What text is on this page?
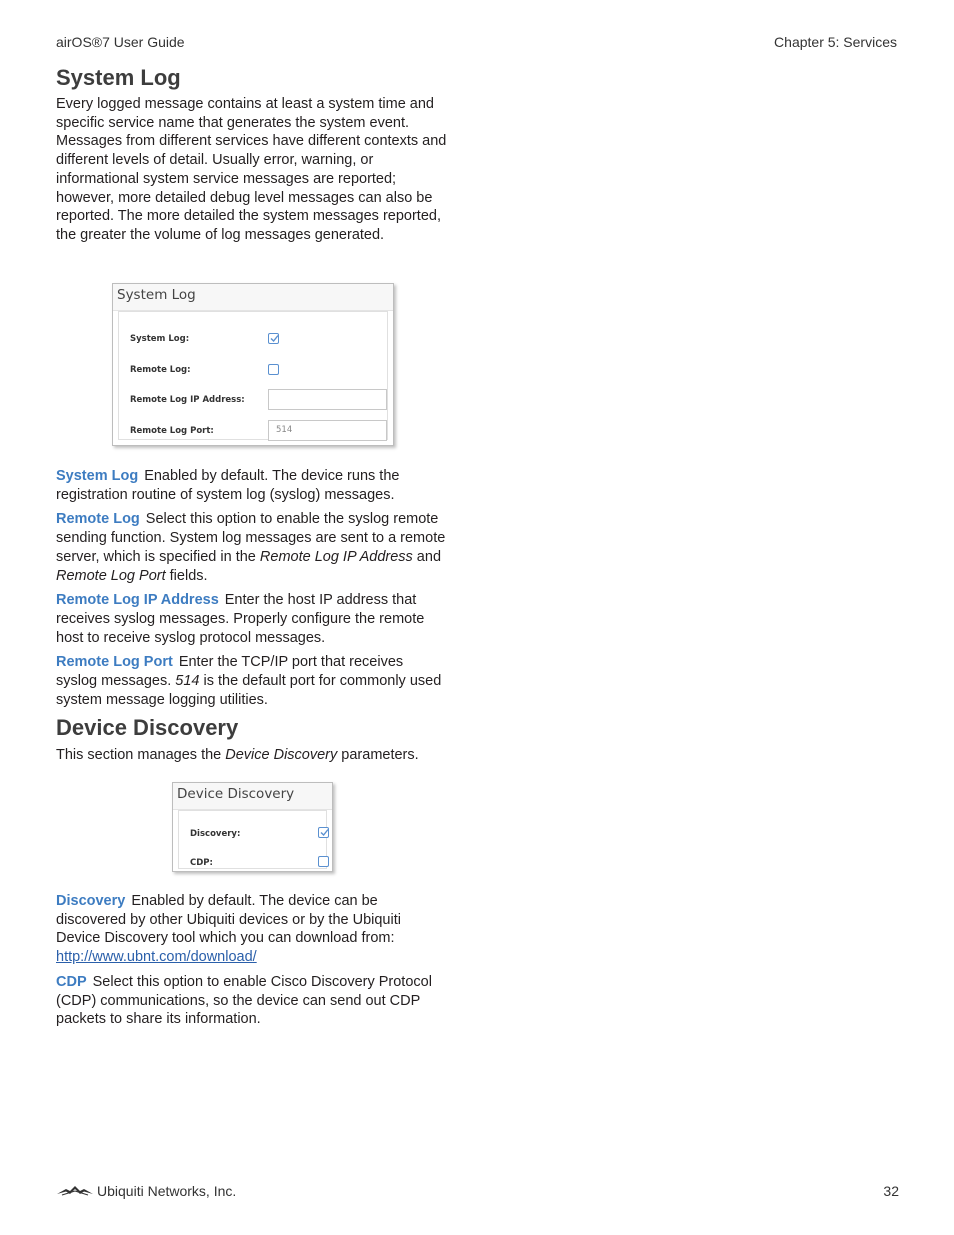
airOS®7 User Guide	Chapter 5: Services
System Log

Every logged message contains at least a system time and specific service name that generates the system event. Messages from different services have different contexts and different levels of detail. Usually error, warning, or informational system service messages are reported; however, more detailed debug level messages can also be reported. The more detailed the system messages reported, the greater the volume of log messages generated.

System Log
System Log:
Remote Log:
Remote Log IP Address:
Remote Log Port:	514

System Log Enabled by default. The device runs the registration routine of system log (syslog) messages.

Remote Log Select this option to enable the syslog remote sending function. System log messages are sent to a remote server, which is specified in the Remote Log IP Address and Remote Log Port fields.

Remote Log IP Address Enter the host IP address that receives syslog messages. Properly configure the remote host to receive syslog protocol messages.

Remote Log Port Enter the TCP/IP port that receives syslog messages. 514 is the default port for commonly used system message logging utilities.

Device Discovery

This section manages the Device Discovery parameters.

Device Discovery
Discovery:
CDP:

Discovery Enabled by default. The device can be discovered by other Ubiquiti devices or by the Ubiquiti Device Discovery tool which you can download from:
http://www.ubnt.com/download/

CDP Select this option to enable Cisco Discovery Protocol (CDP) communications, so the device can send out CDP packets to share its information.

Ubiquiti Networks, Inc.	32
